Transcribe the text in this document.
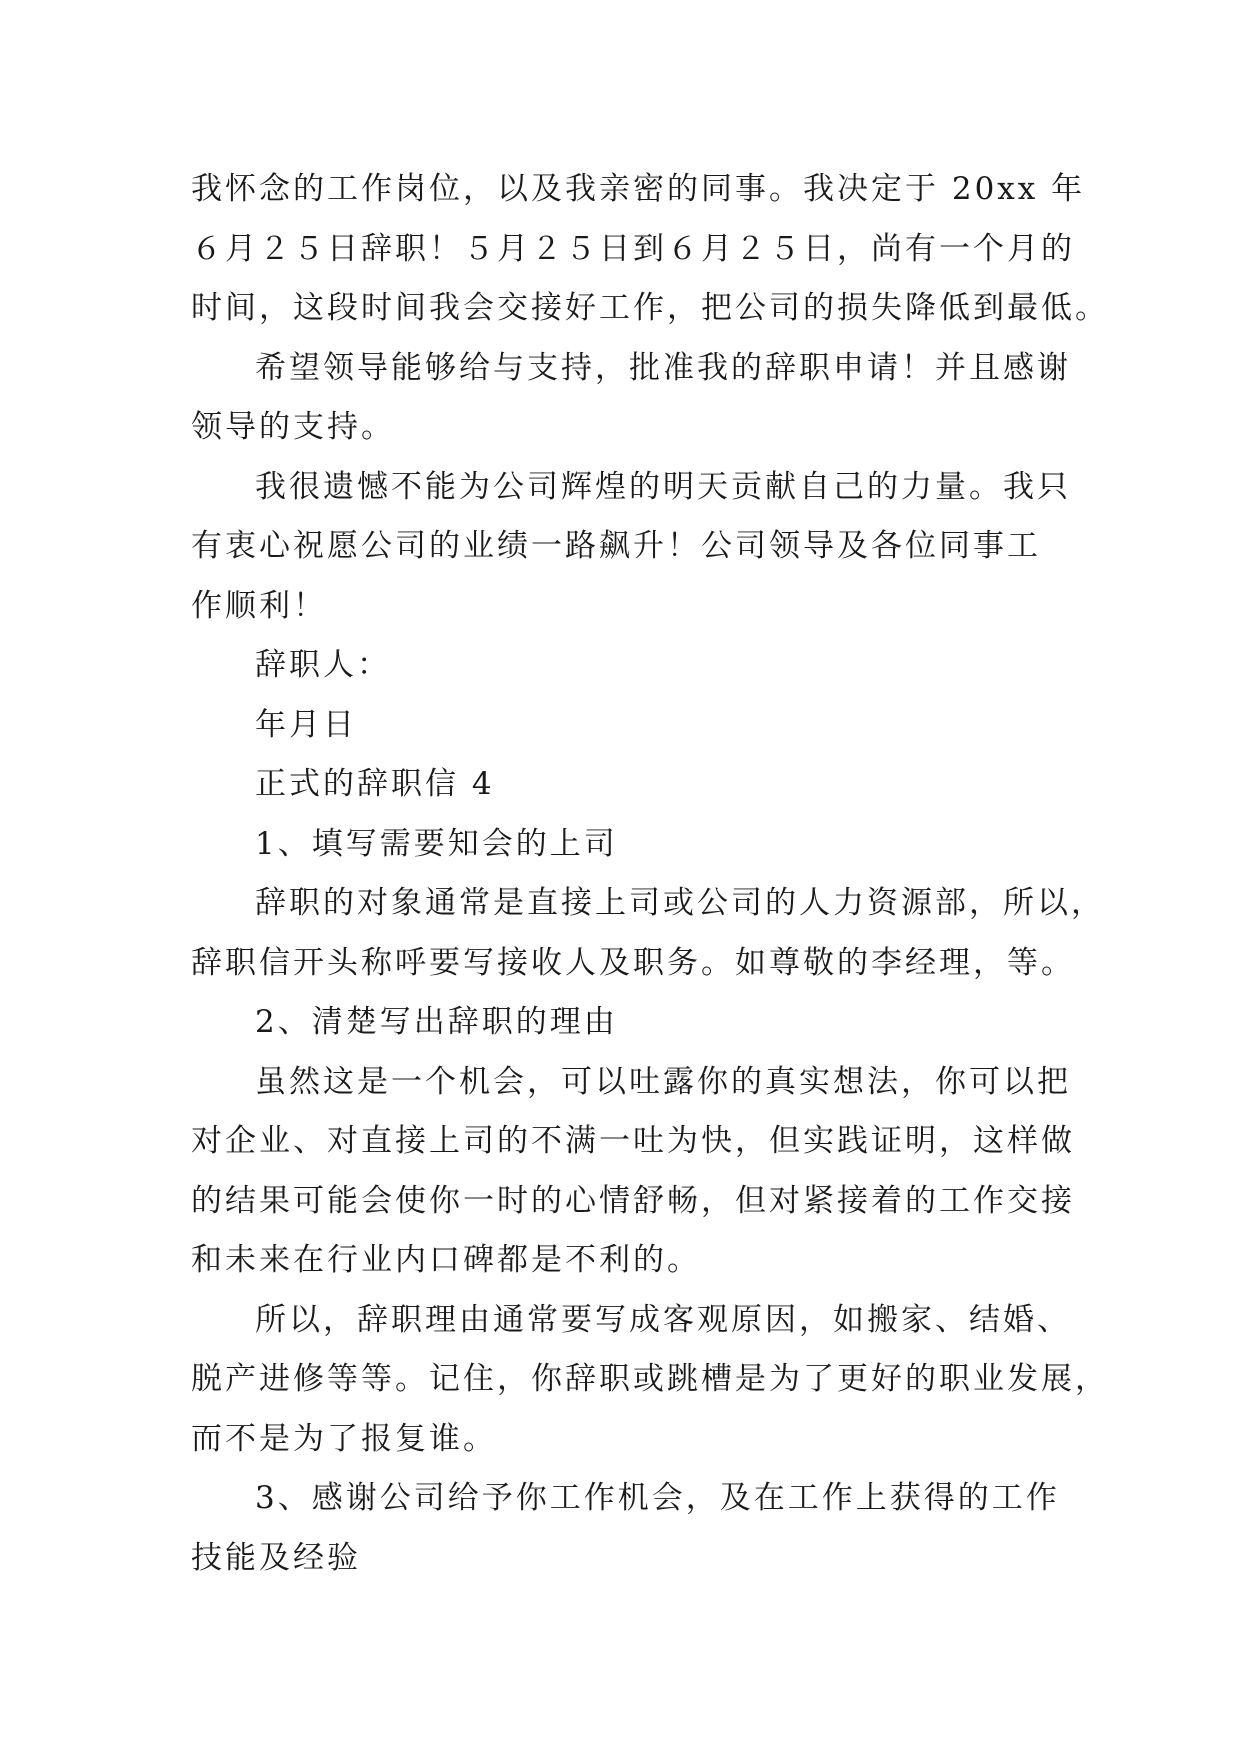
我怀念的工作岗位，以及我亲密的同事。我决定于 20xx 年
６月２５日辞职！５月２５日到６月２５日，尚有一个月的
时间，这段时间我会交接好工作，把公司的损失降低到最低。
希望领导能够给与支持，批准我的辞职申请！并且感谢
领导的支持。
我很遗憾不能为公司辉煌的明天贡献自己的力量。我只
有衷心祝愿公司的业绩一路飙升！公司领导及各位同事工
作顺利！
辞职人：
年月日
正式的辞职信 4
1、填写需要知会的上司
辞职的对象通常是直接上司或公司的人力资源部，所以，
辞职信开头称呼要写接收人及职务。如尊敬的李经理，等。
2、清楚写出辞职的理由
虽然这是一个机会，可以吐露你的真实想法，你可以把
对企业、对直接上司的不满一吐为快，但实践证明，这样做
的结果可能会使你一时的心情舒畅，但对紧接着的工作交接
和未来在行业内口碑都是不利的。
所以，辞职理由通常要写成客观原因，如搬家、结婚、
脱产进修等等。记住，你辞职或跳槽是为了更好的职业发展，
而不是为了报复谁。
3、感谢公司给予你工作机会，及在工作上获得的工作
技能及经验
